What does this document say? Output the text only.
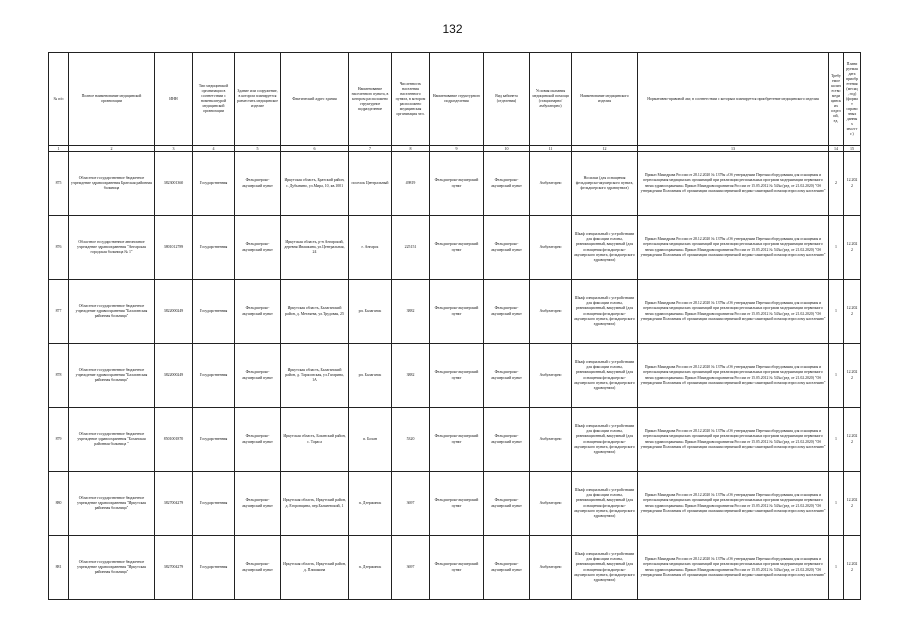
132
№ п/п	Полное наименование медицинской организации	ИНН	Тип медицинской организации в соответствии с номенклатурой медицинской организации	Здание или сооружение, в котором планируется разместить медицинское изделие	Фактический адрес здания	Наименование населенного пункта, в котором расположено структурное подразделение	Численность населения населенного пункта, в котором расположено медицинская организация чел.	Наименование структурного подразделения	Вид кабинета (отделения)	Условия оказания медицинской помощи (стационарно/амбулаторно)	Наименование медицинского изделия	Нормативно-правовой акт, в соответствии с которым планируется приобретение медицинского изделия	Требуемое количество медицинских изделий, ед.	Планируемая дата приобретения (месяц, год) (формат справочных данных мм.гггг.)
1	2	3	4	5	6	7	8	9	10	11	12	13	14	15
875	Областное государственное бюджетное учреждение здравоохранения Братская районная больница	3823001360	Государственная	Фельдшерско-акушерский пункт	Иркутская область, Братский район, с. Дубынино, ул.Мира, 10, кв.1001	поселок Центральный	49819	Фельдшерско-акушерский пункт	Фельдшерско-акушерский пункт	Амбулаторно	Носилки (для оснащения фельдшерско-акушерского пункта, фельдшерского здравпункта)	Приказ Минздрава России от 28.12.2020 № 1379н «Об утверждении Перечня оборудования для оснащения и переоснащения медицинских организаций при реализации региональных программ модернизации первичного звена здравоохранения» Приказ Минздравсоцразвития России от 15.05.2012 № 543н (ред. от 21.02.2020) "Об утверждении Положения об организации оказания первичной медико-санитарной помощи взрослому населению"	2	12.2022
876	Областное государственное автономное учреждение здравоохранения "Ангарская городская больница № 1"	3801012789	Государственная	Фельдшерско-акушерский пункт	Иркутская область, р-н Ангарский, деревня Ивашкина, ул.Центральная, 24	г. Ангарск	225151	Фельдшерско-акушерский пункт	Фельдшерско-акушерский пункт	Амбулаторно	Шкаф специальный с устройствами для фиксации головы, реанимационный, вакуумный (для оснащения фельдшерско-акушерского пункта, фельдшерского здравпункта)	Приказ Минздрава России от 28.12.2020 № 1379н «Об утверждении Перечня оборудования для оснащения и переоснащения медицинских организаций при реализации региональных программ модернизации первичного звена здравоохранения» Приказ Минздравсоцразвития России от 15.05.2012 № 543н (ред. от 21.02.2020) "Об утверждении Положения об организации оказания первичной медико-санитарной помощи взрослому населению"	1	12.2022
877	Областное государственное бюджетное учреждение здравоохранения "Балаганская районная больница"	3822000249	Государственная	Фельдшерско-акушерский пункт	Иркутская область, Балаганский район, д. Метляева, ул.Трудовая, 25	рп. Балаганск	3882	Фельдшерско-акушерский пункт	Фельдшерско-акушерский пункт	Амбулаторно	Шкаф специальный с устройствами для фиксации головы, реанимационный, вакуумный (для оснащения фельдшерско-акушерского пункта, фельдшерского здравпункта)	Приказ Минздрава России от 28.12.2020 № 1379н «Об утверждении Перечня оборудования для оснащения и переоснащения медицинских организаций при реализации региональных программ модернизации первичного звена здравоохранения» Приказ Минздравсоцразвития России от 15.05.2012 № 543н (ред. от 21.02.2020) "Об утверждении Положения об организации оказания первичной медико-санитарной помощи взрослому населению"	1	12.2022
878	Областное государственное бюджетное учреждение здравоохранения "Балаганская районная больница"	3822000249	Государственная	Фельдшерско-акушерский пункт	Иркутская область, Балаганский район, д. Тарасовская, ул.Гагарина, 1А	рп. Балаганск	3882	Фельдшерско-акушерский пункт	Фельдшерско-акушерский пункт	Амбулаторно	Шкаф специальный с устройствами для фиксации головы, реанимационный, вакуумный (для оснащения фельдшерско-акушерского пункта, фельдшерского здравпункта)	Приказ Минздрава России от 28.12.2020 № 1379н «Об утверждении Перечня оборудования для оснащения и переоснащения медицинских организаций при реализации региональных программ модернизации первичного звена здравоохранения» Приказ Минздравсоцразвития России от 15.05.2012 № 543н (ред. от 21.02.2020) "Об утверждении Положения об организации оказания первичной медико-санитарной помощи взрослому населению"	1	12.2022
879	Областное государственное бюджетное учреждение здравоохранения "Боханская районная больница "	8501001870	Государственная	Фельдшерско-акушерский пункт	Иркутская область, Боханский район, с. Тараса	п. Бохан	5320	Фельдшерско-акушерский пункт	Фельдшерско-акушерский пункт	Амбулаторно	Шкаф специальный с устройствами для фиксации головы, реанимационный, вакуумный (для оснащения фельдшерско-акушерского пункта, фельдшерского здравпункта)	Приказ Минздрава России от 28.12.2020 № 1379н «Об утверждении Перечня оборудования для оснащения и переоснащения медицинских организаций при реализации региональных программ модернизации первичного звена здравоохранения» Приказ Минздравсоцразвития России от 15.05.2012 № 543н (ред. от 21.02.2020) "Об утверждении Положения об организации оказания первичной медико-санитарной помощи взрослому населению"	1	12.2022
880	Областное государственное бюджетное учреждение здравоохранения "Иркутская районная больница"	3827004279	Государственная	Фельдшерско-акушерский пункт	Иркутская область, Иркутский район, д. Егоровщина, пер.Бальневский, 1	п. Дзержинск	3697	Фельдшерско-акушерский пункт	Фельдшерско-акушерский пункт	Амбулаторно	Шкаф специальный с устройствами для фиксации головы, реанимационный, вакуумный (для оснащения фельдшерско-акушерского пункта, фельдшерского здравпункта)	Приказ Минздрава России от 28.12.2020 № 1379н «Об утверждении Перечня оборудования для оснащения и переоснащения медицинских организаций при реализации региональных программ модернизации первичного звена здравоохранения» Приказ Минздравсоцразвития России от 15.05.2012 № 543н (ред. от 21.02.2020) "Об утверждении Положения об организации оказания первичной медико-санитарной помощи взрослому населению"	1	12.2022
881	Областное государственное бюджетное учреждение здравоохранения "Иркутская районная больница"	3827004279	Государственная	Фельдшерско-акушерский пункт	Иркутская область, Иркутский район, д. Плишкина	п. Дзержинск	3697	Фельдшерско-акушерский пункт	Фельдшерско-акушерский пункт	Амбулаторно	Шкаф специальный с устройствами для фиксации головы, реанимационный, вакуумный (для оснащения фельдшерско-акушерского пункта, фельдшерского здравпункта)	Приказ Минздрава России от 28.12.2020 № 1379н «Об утверждении Перечня оборудования для оснащения и переоснащения медицинских организаций при реализации региональных программ модернизации первичного звена здравоохранения» Приказ Минздравсоцразвития России от 15.05.2012 № 543н (ред. от 21.02.2020) "Об утверждении Положения об организации оказания первичной медико-санитарной помощи взрослому населению"	1	12.2022
